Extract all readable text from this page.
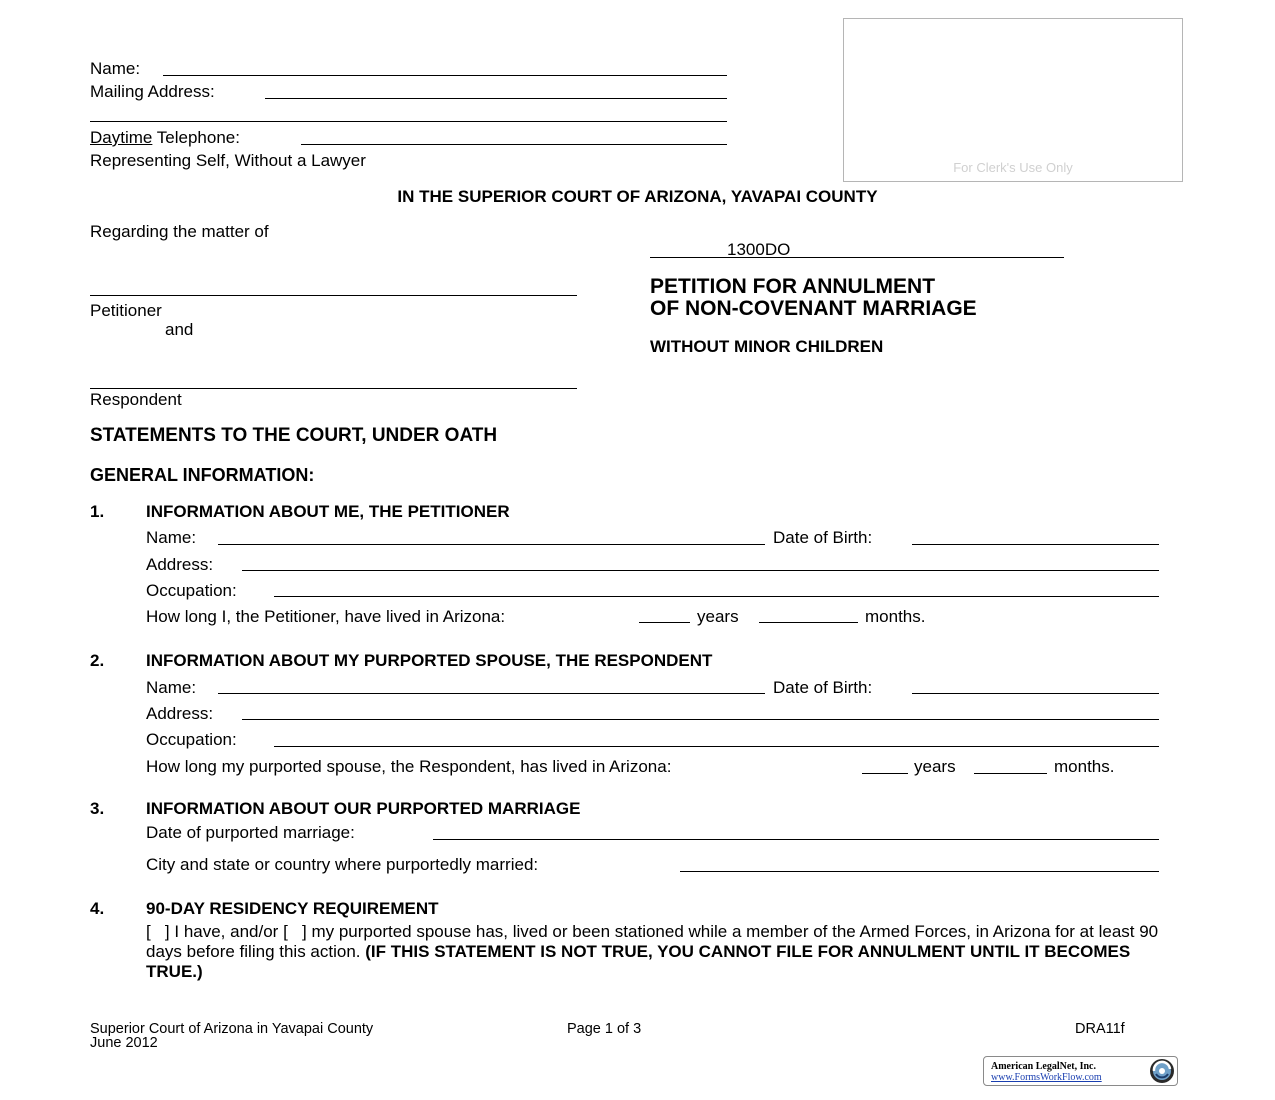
Name:
Mailing Address:
Daytime Telephone:
Representing Self, Without a Lawyer	For Clerk's Use Only
IN THE SUPERIOR COURT OF ARIZONA, YAVAPAI COUNTY
Regarding the matter of
Petitioner
and
Respondent
1300DO
PETITION FOR ANNULMENT
OF NON-COVENANT MARRIAGE
WITHOUT MINOR CHILDREN
STATEMENTS TO THE COURT, UNDER OATH
GENERAL INFORMATION:
1. INFORMATION ABOUT ME, THE PETITIONER
Name:	Date of Birth:
Address:
Occupation:
How long I, the Petitioner, have lived in Arizona:	years	months.
2. INFORMATION ABOUT MY PURPORTED SPOUSE, THE RESPONDENT
Name:	Date of Birth:
Address:
Occupation:
How long my purported spouse, the Respondent, has lived in Arizona:	years	months.
3. INFORMATION ABOUT OUR PURPORTED MARRIAGE
Date of purported marriage:
City and state or country where purportedly married:
4. 90-DAY RESIDENCY REQUIREMENT
[ ] I have, and/or [ ] my purported spouse has, lived or been stationed while a member of the Armed Forces, in Arizona for at least 90 days before filing this action. (IF THIS STATEMENT IS NOT TRUE, YOU CANNOT FILE FOR ANNULMENT UNTIL IT BECOMES TRUE.)
Superior Court of Arizona in Yavapai County
June 2012
Page 1 of 3	DRA11f
American LegalNet, Inc.
www.FormsWorkFlow.com
